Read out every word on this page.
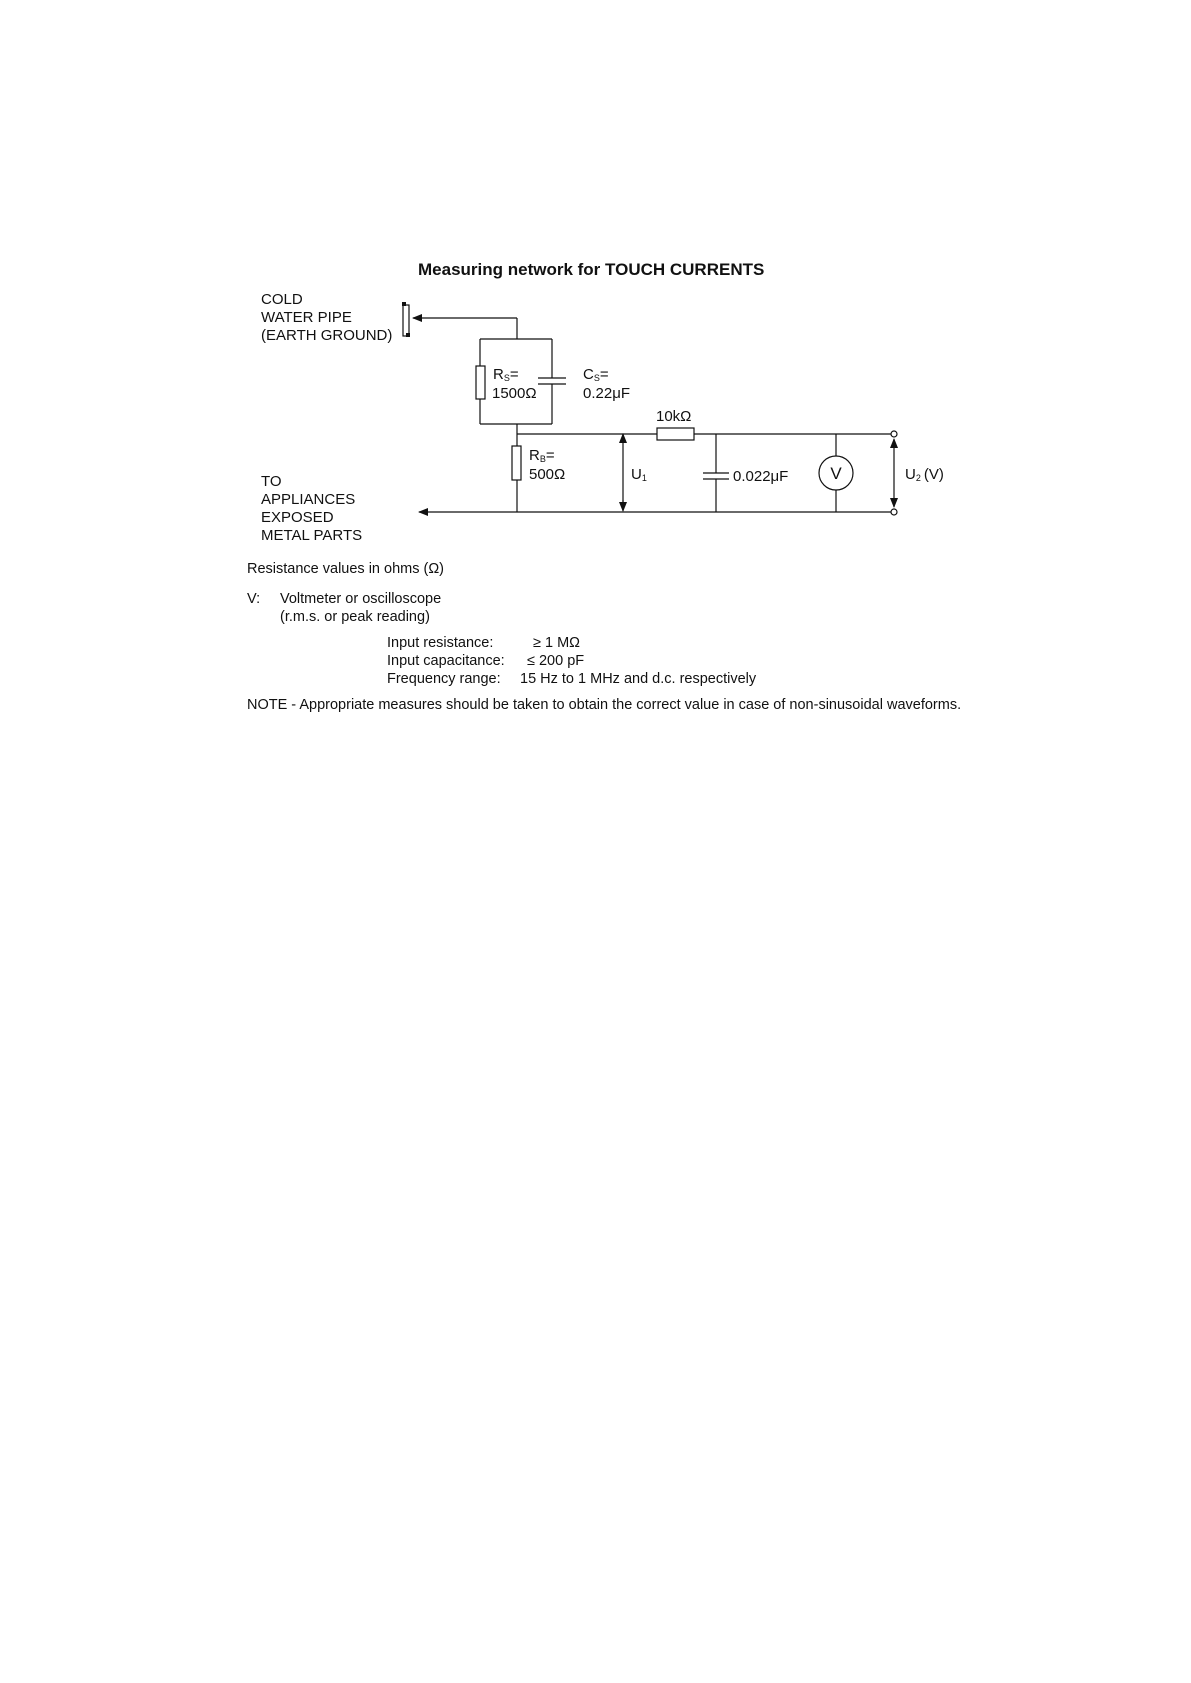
Measuring network for TOUCH CURRENTS
COLD
WATER PIPE
(EARTH GROUND)
TO
APPLIANCES
EXPOSED
METAL PARTS
RS=
1500Ω
CS=
0.22μF
RB=
500Ω
10kΩ
U1	0.022μF V	U2 (V)
Resistance values in ohms (Ω)
V: Voltmeter or oscilloscope
(r.m.s. or peak reading)
Input resistance:	≥ 1 MΩ
Input capacitance: ≤ 200 pF
Frequency range: 15 Hz to 1 MHz and d.c. respectively
NOTE - Appropriate measures should be taken to obtain the correct value in case of non-sinusoidal waveforms.
